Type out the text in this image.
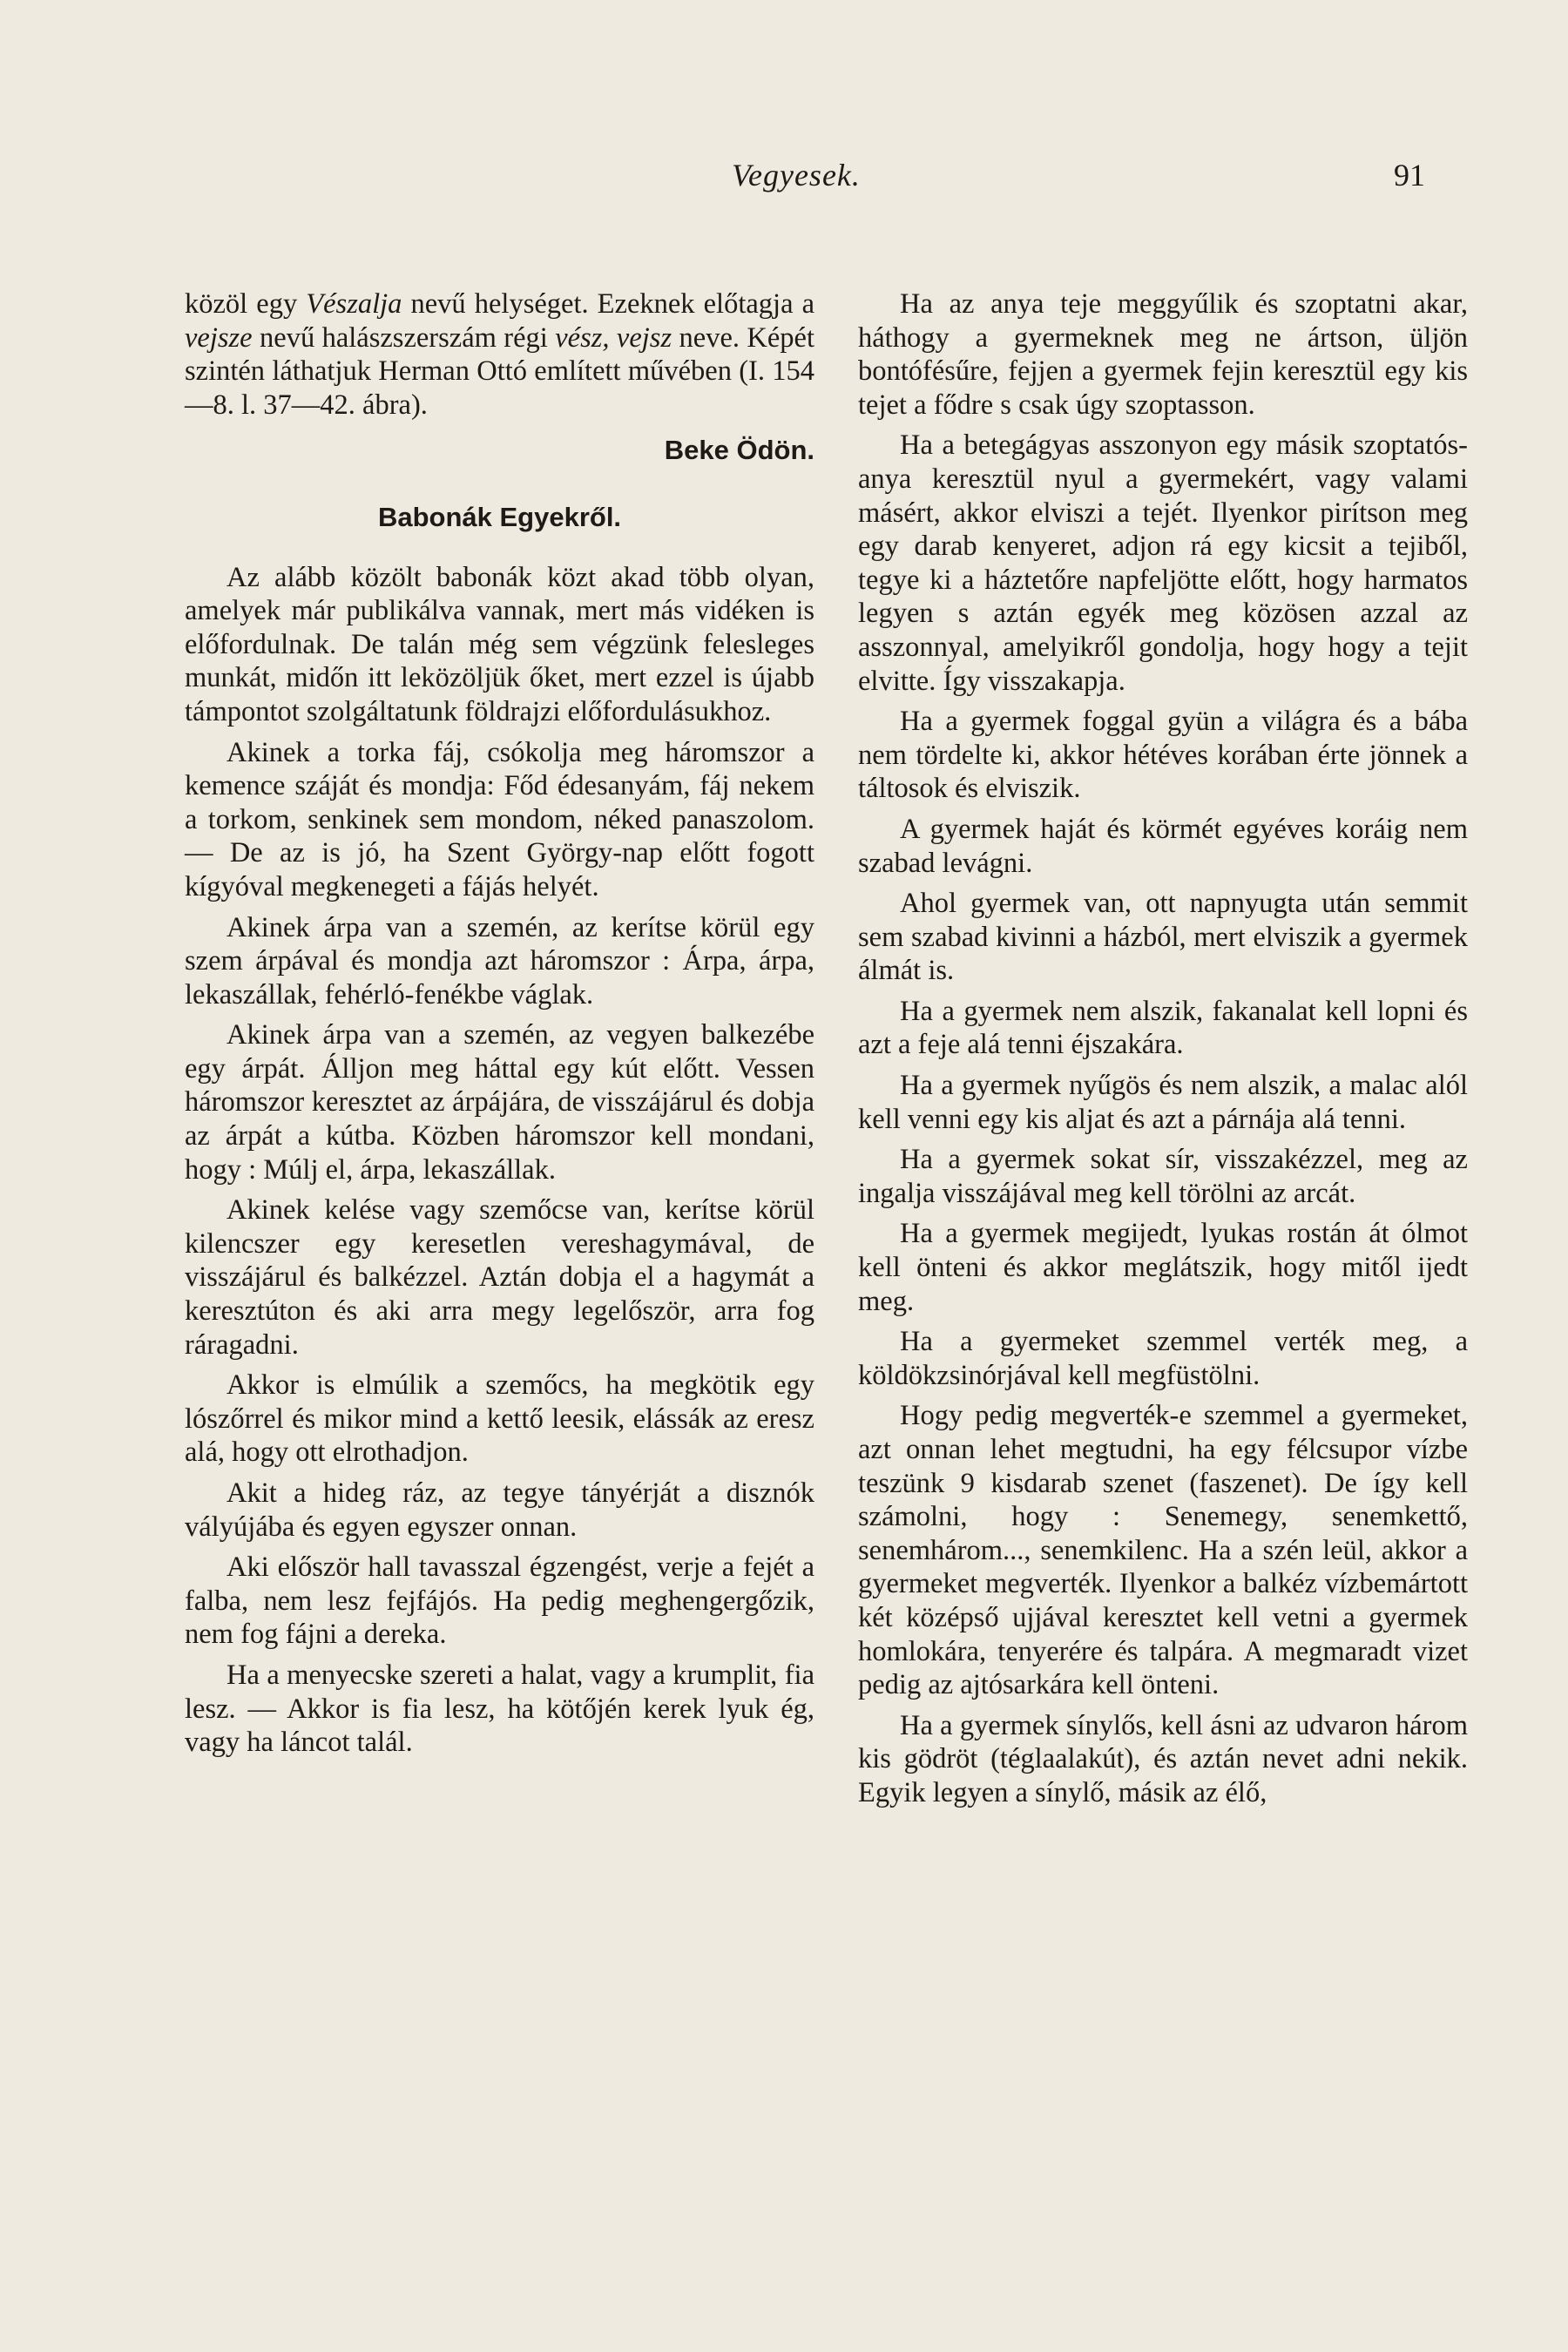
Vegyesek.	91

közöl egy Vészalja nevű helységet. Ezeknek előtagja a vejsze nevű halászszerszám régi vész, vejsz neve. Képét szintén láthatjuk Herman Ottó említett művében (I. 154—8. l. 37—42. ábra).

Beke Ödön.
Babonák Egyekről.

Az alább közölt babonák közt akad több olyan, amelyek már publikálva vannak, mert más vidéken is előfordulnak. De talán még sem végzünk felesleges munkát, midőn itt leközöljük őket, mert ezzel is újabb támpontot szolgáltatunk földrajzi előfordulásukhoz.

Akinek a torka fáj, csókolja meg háromszor a kemence száját és mondja: Főd édesanyám, fáj nekem a torkom, senkinek sem mondom, néked panaszolom. — De az is jó, ha Szent György-nap előtt fogott kígyóval megkenegeti a fájás helyét.

Akinek árpa van a szemén, az kerítse körül egy szem árpával és mondja azt háromszor : Árpa, árpa, lekaszállak, fehérló-fenékbe váglak.

Akinek árpa van a szemén, az vegyen balkezébe egy árpát. Álljon meg háttal egy kút előtt. Vessen háromszor keresztet az árpájára, de visszájárul és dobja az árpát a kútba. Közben háromszor kell mondani, hogy : Múlj el, árpa, lekaszállak.

Akinek kelése vagy szemőcse van, kerítse körül kilencszer egy keresetlen vereshagymával, de visszájárul és balkézzel. Aztán dobja el a hagymát a keresztúton és aki arra megy legelőször, arra fog ráragadni.

Akkor is elmúlik a szemőcs, ha megkötik egy lószőrrel és mikor mind a kettő leesik, elássák az eresz alá, hogy ott elrothadjon.

Akit a hideg ráz, az tegye tányérját a disznók vályújába és egyen egyszer onnan.

Aki először hall tavasszal égzengést, verje a fejét a falba, nem lesz fejfájós. Ha pedig meghengergőzik, nem fog fájni a dereka.

Ha a menyecske szereti a halat, vagy a krumplit, fia lesz. — Akkor is fia lesz, ha kötőjén kerek lyuk ég, vagy ha láncot talál.

Ha az anya teje meggyűlik és szoptatni akar, háthogy a gyermeknek meg ne ártson, üljön bontófésűre, fejjen a gyermek fejin keresztül egy kis tejet a fődre s csak úgy szoptasson.

Ha a betegágyas asszonyon egy másik szoptatós-anya keresztül nyul a gyermekért, vagy valami másért, akkor elviszi a tejét. Ilyenkor pirítson meg egy darab kenyeret, adjon rá egy kicsit a tejiből, tegye ki a háztetőre napfeljötte előtt, hogy harmatos legyen s aztán egyék meg közösen azzal az asszonnyal, amelyikről gondolja, hogy hogy a tejit elvitte. Így visszakapja.

Ha a gyermek foggal gyün a világra és a bába nem tördelte ki, akkor hétéves korában érte jönnek a táltosok és elviszik.

A gyermek haját és körmét egyéves koráig nem szabad levágni.

Ahol gyermek van, ott napnyugta után semmit sem szabad kivinni a házból, mert elviszik a gyermek álmát is.

Ha a gyermek nem alszik, fakanalat kell lopni és azt a feje alá tenni éjszakára.

Ha a gyermek nyűgös és nem alszik, a malac alól kell venni egy kis aljat és azt a párnája alá tenni.

Ha a gyermek sokat sír, visszakézzel, meg az ingalja visszájával meg kell törölni az arcát.

Ha a gyermek megijedt, lyukas rostán át ólmot kell önteni és akkor meglátszik, hogy mitől ijedt meg.

Ha a gyermeket szemmel verték meg, a köldökzsinórjával kell megfüstölni.

Hogy pedig megverték-e szemmel a gyermeket, azt onnan lehet megtudni, ha egy félcsupor vízbe teszünk 9 kisdarab szenet (faszenet). De így kell számolni, hogy : Senemegy, senemkettő, senemhárom..., senemkilenc. Ha a szén leül, akkor a gyermeket megverték. Ilyenkor a balkéz vízbemártott két középső ujjával keresztet kell vetni a gyermek homlokára, tenyerére és talpára. A megmaradt vizet pedig az ajtósarkára kell önteni.

Ha a gyermek sínylős, kell ásni az udvaron három kis gödröt (téglaalakút), és aztán nevet adni nekik. Egyik legyen a sínylő, másik az élő,
